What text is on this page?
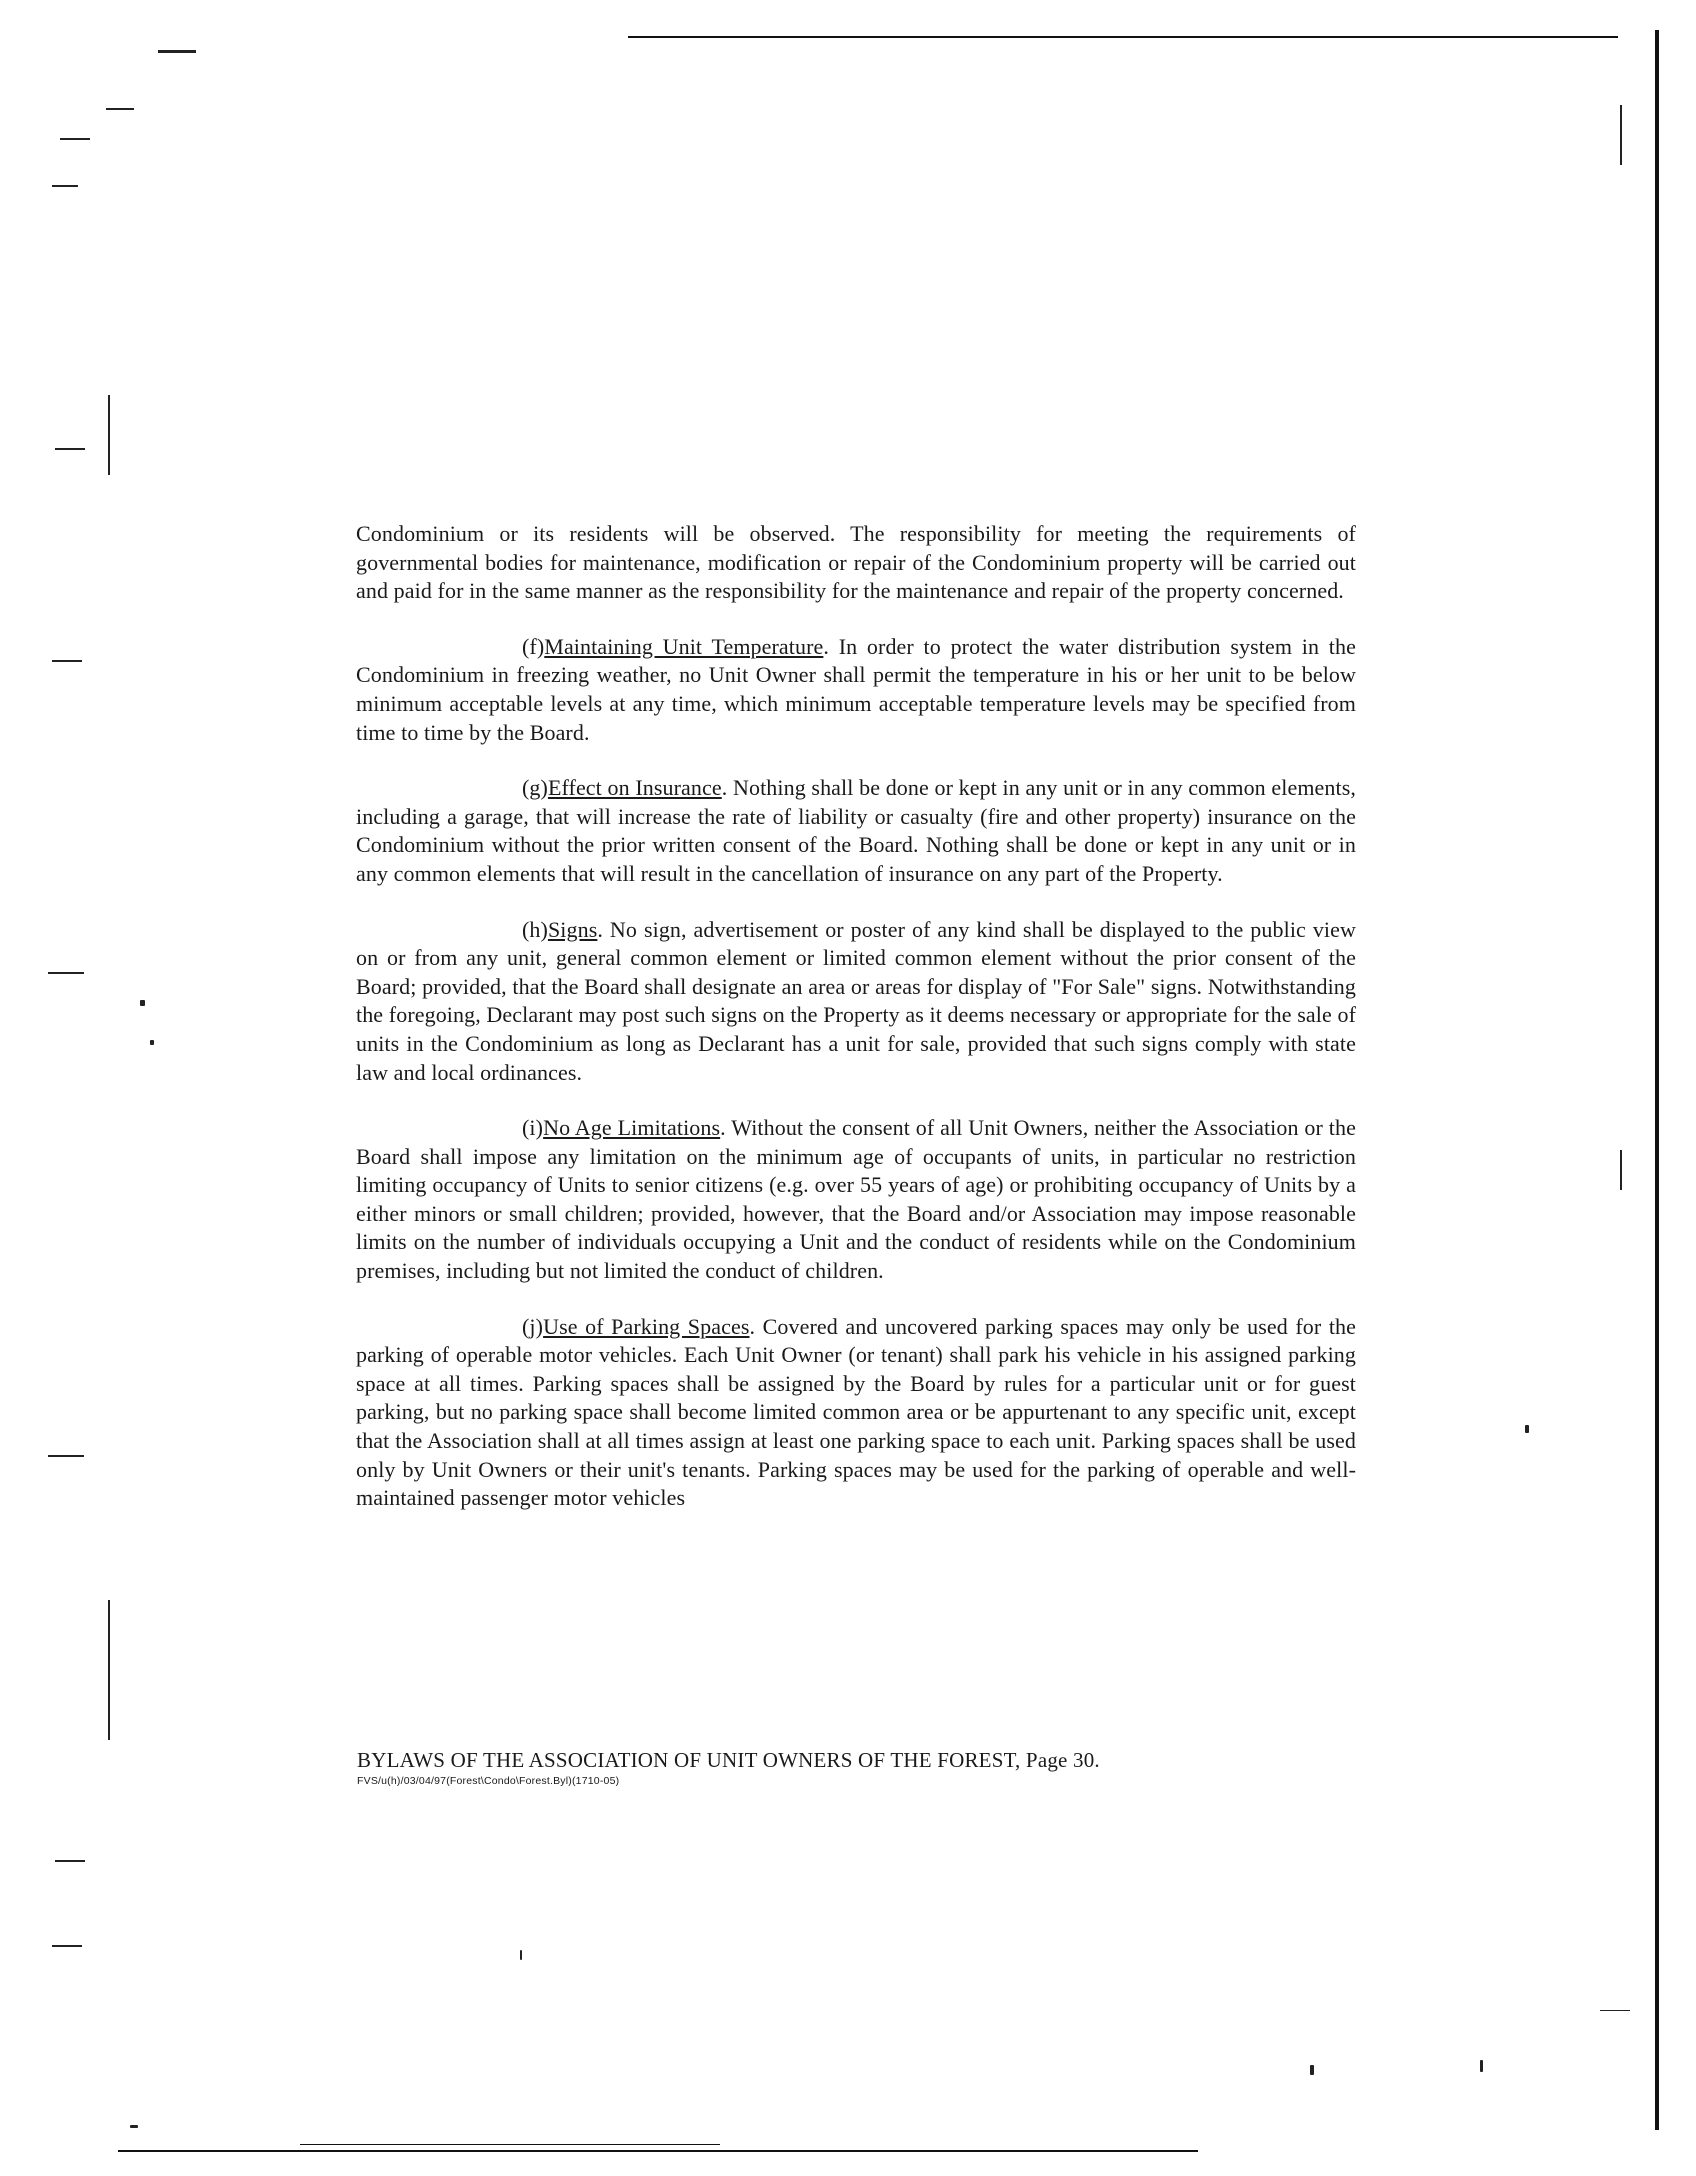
Condominium or its residents will be observed. The responsibility for meeting the requirements of governmental bodies for maintenance, modification or repair of the Condominium property will be carried out and paid for in the same manner as the responsibility for the maintenance and repair of the property concerned.

(f)Maintaining Unit Temperature. In order to protect the water distribution system in the Condominium in freezing weather, no Unit Owner shall permit the temperature in his or her unit to be below minimum acceptable levels at any time, which minimum acceptable temperature levels may be specified from time to time by the Board.

(g)Effect on Insurance. Nothing shall be done or kept in any unit or in any common elements, including a garage, that will increase the rate of liability or casualty (fire and other property) insurance on the Condominium without the prior written consent of the Board. Nothing shall be done or kept in any unit or in any common elements that will result in the cancellation of insurance on any part of the Property.

(h)Signs. No sign, advertisement or poster of any kind shall be displayed to the public view on or from any unit, general common element or limited common element without the prior consent of the Board; provided, that the Board shall designate an area or areas for display of "For Sale" signs. Notwithstanding the foregoing, Declarant may post such signs on the Property as it deems necessary or appropriate for the sale of units in the Condominium as long as Declarant has a unit for sale, provided that such signs comply with state law and local ordinances.

(i)No Age Limitations. Without the consent of all Unit Owners, neither the Association or the Board shall impose any limitation on the minimum age of occupants of units, in particular no restriction limiting occupancy of Units to senior citizens (e.g. over 55 years of age) or prohibiting occupancy of Units by a either minors or small children; provided, however, that the Board and/or Association may impose reasonable limits on the number of individuals occupying a Unit and the conduct of residents while on the Condominium premises, including but not limited the conduct of children.

(j)Use of Parking Spaces. Covered and uncovered parking spaces may only be used for the parking of operable motor vehicles. Each Unit Owner (or tenant) shall park his vehicle in his assigned parking space at all times. Parking spaces shall be assigned by the Board by rules for a particular unit or for guest parking, but no parking space shall become limited common area or be appurtenant to any specific unit, except that the Association shall at all times assign at least one parking space to each unit. Parking spaces shall be used only by Unit Owners or their unit's tenants. Parking spaces may be used for the parking of operable and well-maintained passenger motor vehicles

BYLAWS OF THE ASSOCIATION OF UNIT OWNERS OF THE FOREST, Page 30.
FVS/u(h)/03/04/97(Forest\Condo\Forest.Byl)(1710-05)
